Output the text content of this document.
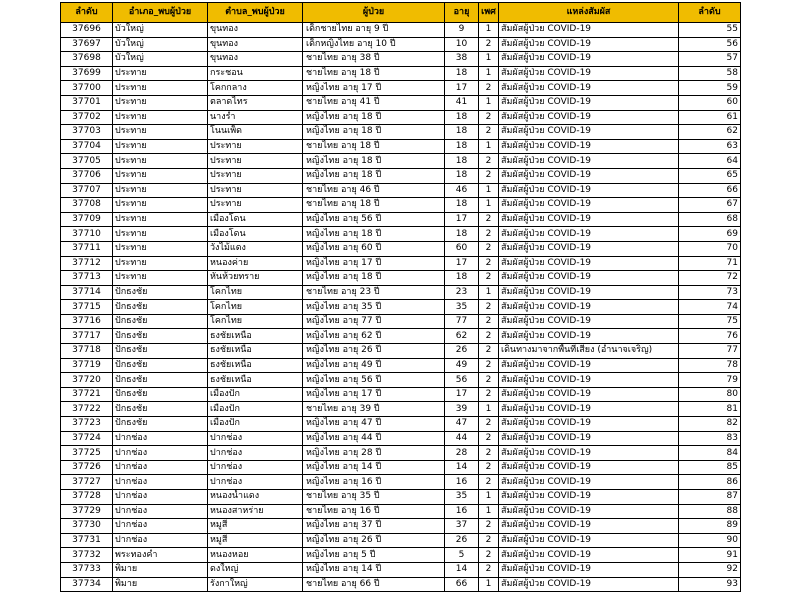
ลำดับ	อำเภอ_พบผู้ป่วย	ตำบล_พบผู้ป่วย	ผู้ป่วย	อายุ	เพศ	แหล่งสัมผัส	ลำดับ
37696	บัวใหญ่	ขุนทอง	เด็กชายไทย อายุ 9 ปี	9	1	สัมผัสผู้ป่วย COVID-19	55
37697	บัวใหญ่	ขุนทอง	เด็กหญิงไทย อายุ 10 ปี	10	2	สัมผัสผู้ป่วย COVID-19	56
37698	บัวใหญ่	ขุนทอง	ชายไทย อายุ 38 ปี	38	1	สัมผัสผู้ป่วย COVID-19	57
37699	ประทาย	กระชอน	ชายไทย อายุ 18 ปี	18	1	สัมผัสผู้ป่วย COVID-19	58
37700	ประทาย	โคกกลาง	หญิงไทย อายุ 17 ปี	17	2	สัมผัสผู้ป่วย COVID-19	59
37701	ประทาย	ตลาดไทร	ชายไทย อายุ 41 ปี	41	1	สัมผัสผู้ป่วย COVID-19	60
37702	ประทาย	นางรำ	หญิงไทย อายุ 18 ปี	18	2	สัมผัสผู้ป่วย COVID-19	61
37703	ประทาย	โนนเพ็ด	หญิงไทย อายุ 18 ปี	18	2	สัมผัสผู้ป่วย COVID-19	62
37704	ประทาย	ประทาย	ชายไทย อายุ 18 ปี	18	1	สัมผัสผู้ป่วย COVID-19	63
37705	ประทาย	ประทาย	หญิงไทย อายุ 18 ปี	18	2	สัมผัสผู้ป่วย COVID-19	64
37706	ประทาย	ประทาย	หญิงไทย อายุ 18 ปี	18	2	สัมผัสผู้ป่วย COVID-19	65
37707	ประทาย	ประทาย	ชายไทย อายุ 46 ปี	46	1	สัมผัสผู้ป่วย COVID-19	66
37708	ประทาย	ประทาย	ชายไทย อายุ 18 ปี	18	1	สัมผัสผู้ป่วย COVID-19	67
37709	ประทาย	เมืองโดน	หญิงไทย อายุ 56 ปี	17	2	สัมผัสผู้ป่วย COVID-19	68
37710	ประทาย	เมืองโดน	หญิงไทย อายุ 18 ปี	18	2	สัมผัสผู้ป่วย COVID-19	69
37711	ประทาย	วังไม้แดง	หญิงไทย อายุ 60 ปี	60	2	สัมผัสผู้ป่วย COVID-19	70
37712	ประทาย	หนองค่าย	หญิงไทย อายุ 17 ปี	17	2	สัมผัสผู้ป่วย COVID-19	71
37713	ประทาย	หันห้วยทราย	หญิงไทย อายุ 18 ปี	18	2	สัมผัสผู้ป่วย COVID-19	72
37714	ปักธงชัย	โคกไทย	ชายไทย อายุ 23 ปี	23	1	สัมผัสผู้ป่วย COVID-19	73
37715	ปักธงชัย	โคกไทย	หญิงไทย อายุ 35 ปี	35	2	สัมผัสผู้ป่วย COVID-19	74
37716	ปักธงชัย	โคกไทย	หญิงไทย อายุ 77 ปี	77	2	สัมผัสผู้ป่วย COVID-19	75
37717	ปักธงชัย	ธงชัยเหนือ	หญิงไทย อายุ 62 ปี	62	2	สัมผัสผู้ป่วย COVID-19	76
37718	ปักธงชัย	ธงชัยเหนือ	หญิงไทย อายุ 26 ปี	26	2	เดินทางมาจากพื้นที่เสี่ยง (อำนาจเจริญ)	77
37719	ปักธงชัย	ธงชัยเหนือ	หญิงไทย อายุ 49 ปี	49	2	สัมผัสผู้ป่วย COVID-19	78
37720	ปักธงชัย	ธงชัยเหนือ	หญิงไทย อายุ 56 ปี	56	2	สัมผัสผู้ป่วย COVID-19	79
37721	ปักธงชัย	เมืองปัก	หญิงไทย อายุ 17 ปี	17	2	สัมผัสผู้ป่วย COVID-19	80
37722	ปักธงชัย	เมืองปัก	ชายไทย อายุ 39 ปี	39	1	สัมผัสผู้ป่วย COVID-19	81
37723	ปักธงชัย	เมืองปัก	หญิงไทย อายุ 47 ปี	47	2	สัมผัสผู้ป่วย COVID-19	82
37724	ปากช่อง	ปากช่อง	หญิงไทย อายุ 44 ปี	44	2	สัมผัสผู้ป่วย COVID-19	83
37725	ปากช่อง	ปากช่อง	หญิงไทย อายุ 28 ปี	28	2	สัมผัสผู้ป่วย COVID-19	84
37726	ปากช่อง	ปากช่อง	หญิงไทย อายุ 14 ปี	14	2	สัมผัสผู้ป่วย COVID-19	85
37727	ปากช่อง	ปากช่อง	หญิงไทย อายุ 16 ปี	16	2	สัมผัสผู้ป่วย COVID-19	86
37728	ปากช่อง	หนองน้ำแดง	ชายไทย อายุ 35 ปี	35	1	สัมผัสผู้ป่วย COVID-19	87
37729	ปากช่อง	หนองสาหร่าย	ชายไทย อายุ 16 ปี	16	1	สัมผัสผู้ป่วย COVID-19	88
37730	ปากช่อง	หมูสี	หญิงไทย อายุ 37 ปี	37	2	สัมผัสผู้ป่วย COVID-19	89
37731	ปากช่อง	หมูสี	หญิงไทย อายุ 26 ปี	26	2	สัมผัสผู้ป่วย COVID-19	90
37732	พระทองคำ	หนองหอย	หญิงไทย อายุ 5 ปี	5	2	สัมผัสผู้ป่วย COVID-19	91
37733	พิมาย	ดงใหญ่	หญิงไทย อายุ 14 ปี	14	2	สัมผัสผู้ป่วย COVID-19	92
37734	พิมาย	รังกาใหญ่	ชายไทย อายุ 66 ปี	66	1	สัมผัสผู้ป่วย COVID-19	93
